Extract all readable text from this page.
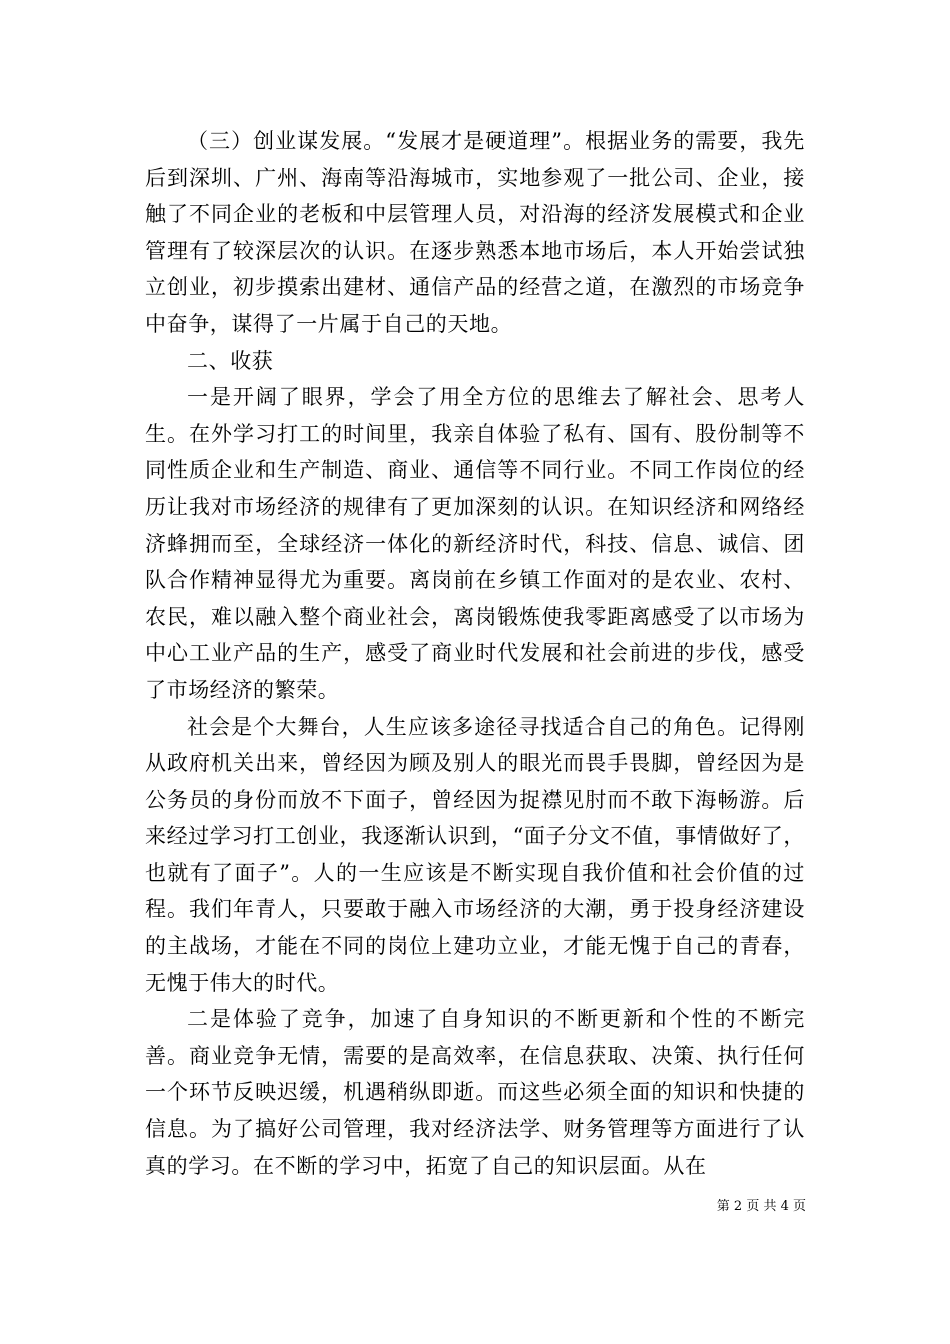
（三）创业谋发展。“发展才是硬道理”。根据业务的需要，我先后到深圳、广州、海南等沿海城市，实地参观了一批公司、企业，接触了不同企业的老板和中层管理人员，对沿海的经济发展模式和企业管理有了较深层次的认识。在逐步熟悉本地市场后，本人开始尝试独立创业，初步摸索出建材、通信产品的经营之道，在激烈的市场竞争中奋争，谋得了一片属于自己的天地。

二、收获

一是开阔了眼界，学会了用全方位的思维去了解社会、思考人生。在外学习打工的时间里，我亲自体验了私有、国有、股份制等不同性质企业和生产制造、商业、通信等不同行业。不同工作岗位的经历让我对市场经济的规律有了更加深刻的认识。在知识经济和网络经济蜂拥而至，全球经济一体化的新经济时代，科技、信息、诚信、团队合作精神显得尤为重要。离岗前在乡镇工作面对的是农业、农村、农民，难以融入整个商业社会，离岗锻炼使我零距离感受了以市场为中心工业产品的生产，感受了商业时代发展和社会前进的步伐，感受了市场经济的繁荣。

社会是个大舞台，人生应该多途径寻找适合自己的角色。记得刚从政府机关出来，曾经因为顾及别人的眼光而畏手畏脚，曾经因为是公务员的身份而放不下面子，曾经因为捉襟见肘而不敢下海畅游。后来经过学习打工创业，我逐渐认识到，“面子分文不值，事情做好了，也就有了面子”。人的一生应该是不断实现自我价值和社会价值的过程。我们年青人，只要敢于融入市场经济的大潮，勇于投身经济建设的主战场，才能在不同的岗位上建功立业，才能无愧于自己的青春，无愧于伟大的时代。

二是体验了竞争，加速了自身知识的不断更新和个性的不断完善。商业竞争无情，需要的是高效率，在信息获取、决策、执行任何一个环节反映迟缓，机遇稍纵即逝。而这些必须全面的知识和快捷的信息。为了搞好公司管理，我对经济法学、财务管理等方面进行了认真的学习。在不断的学习中，拓宽了自己的知识层面。从在

第 2 页 共 4 页
